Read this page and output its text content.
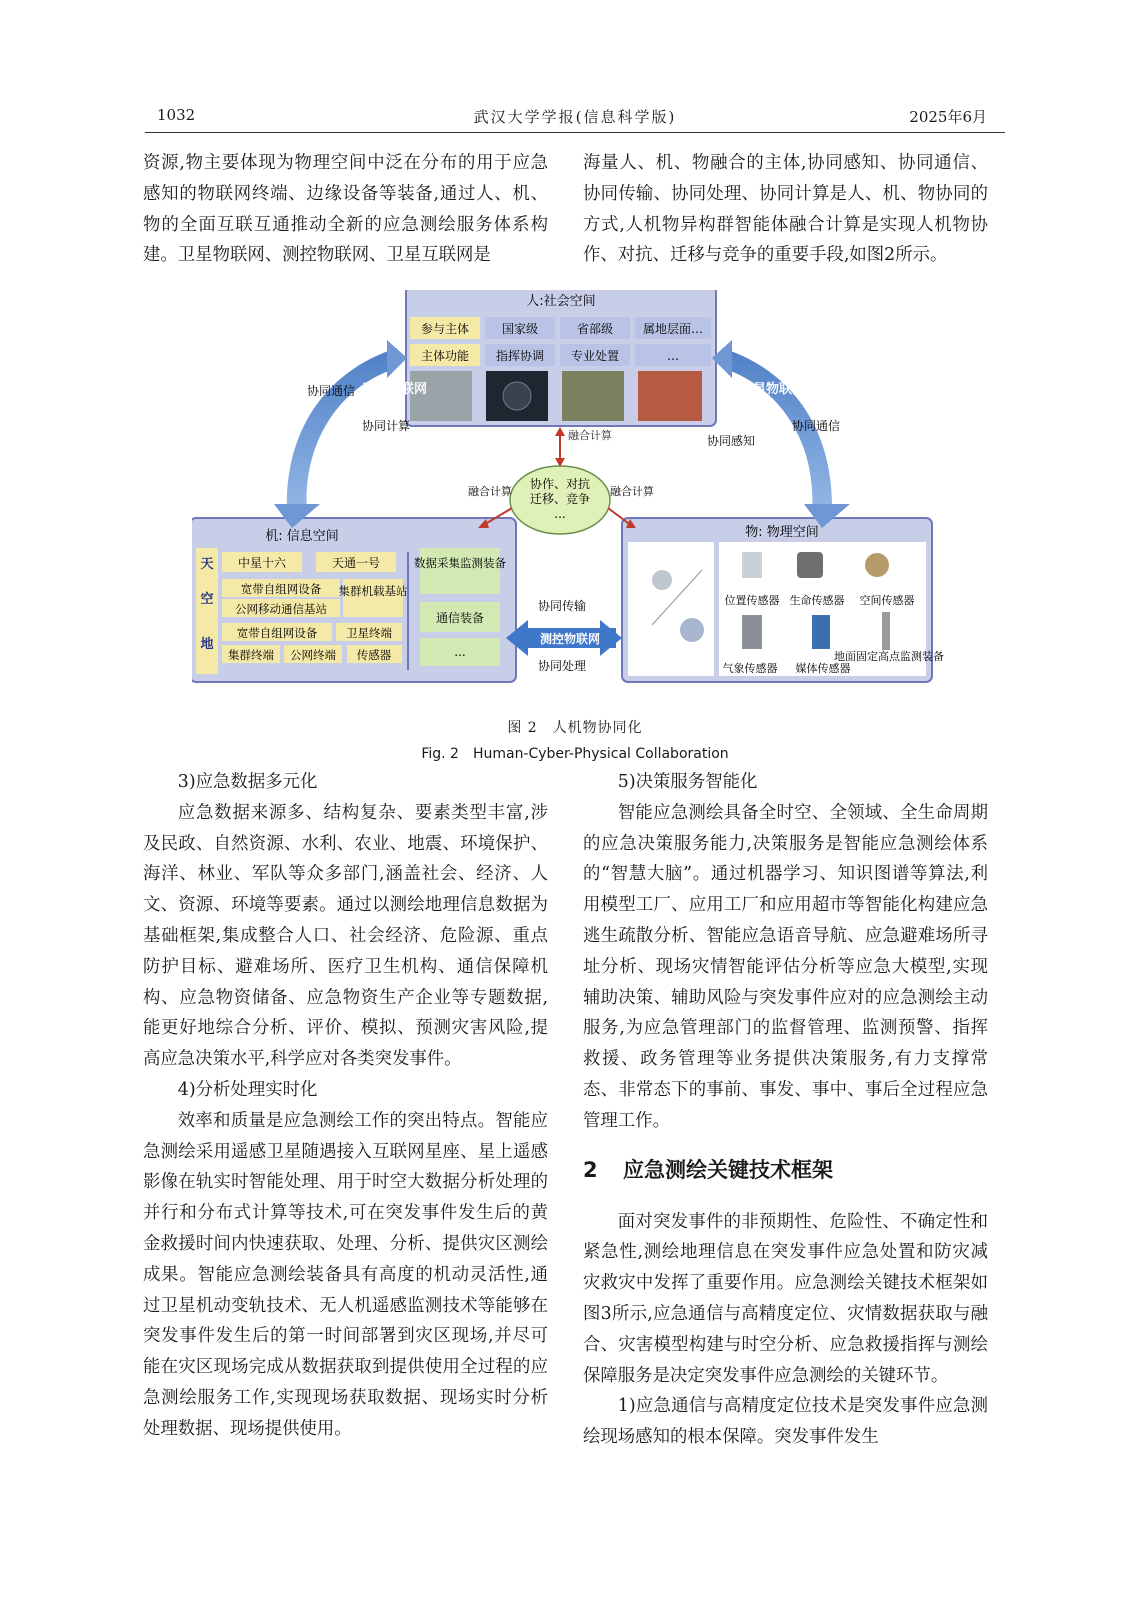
1032	武汉大学学报(信息科学版)	2025年6月

资源,物主要体现为物理空间中泛在分布的用于应急感知的物联网终端、边缘设备等装备,通过人、机、物的全面互联互通推动全新的应急测绘服务体系构建。卫星物联网、测控物联网、卫星互联网是

海量人、机、物融合的主体,协同感知、协同通信、协同传输、协同处理、协同计算是人、机、物协同的方式,人机物异构群智能体融合计算是实现人机物协作、对抗、迁移与竞争的重要手段,如图2所示。

人:社会空间
参与主体	国家级	省部级 属地层面…
主体功能 指挥协调 专业处置	…
机: 信息空间
天
空
地
中星十六	天通一号
宽带自组网设备
公网移动通信基站
集群机载基站
宽带自组网设备	卫星终端
集群终端 公网终端 传感器
数据采集监测装备
通信装备
...
物: 物理空间
位置传感器 生命传感器 空间传感器
气象传感器 媒体传感器
地面固定高点监测装备
协作、对抗
迁移、竞争
...
融合计算
融合计算	融合计算
卫星互联网
协同通信
协同计算
卫星物联网
协同通信
协同感知
测控物联网
协同传输
协同处理
图 2　人机物协同化
Fig. 2　Human-Cyber-Physical Collaboration

3)应急数据多元化

应急数据来源多、结构复杂、要素类型丰富,涉及民政、自然资源、水利、农业、地震、环境保护、海洋、林业、军队等众多部门,涵盖社会、经济、人文、资源、环境等要素。通过以测绘地理信息数据为基础框架,集成整合人口、社会经济、危险源、重点防护目标、避难场所、医疗卫生机构、通信保障机构、应急物资储备、应急物资生产企业等专题数据,能更好地综合分析、评价、模拟、预测灾害风险,提高应急决策水平,科学应对各类突发事件。

4)分析处理实时化

效率和质量是应急测绘工作的突出特点。智能应急测绘采用遥感卫星随遇接入互联网星座、星上遥感影像在轨实时智能处理、用于时空大数据分析处理的并行和分布式计算等技术,可在突发事件发生后的黄金救援时间内快速获取、处理、分析、提供灾区测绘成果。智能应急测绘装备具有高度的机动灵活性,通过卫星机动变轨技术、无人机遥感监测技术等能够在突发事件发生后的第一时间部署到灾区现场,并尽可能在灾区现场完成从数据获取到提供使用全过程的应急测绘服务工作,实现现场获取数据、现场实时分析处理数据、现场提供使用。

5)决策服务智能化

智能应急测绘具备全时空、全领域、全生命周期的应急决策服务能力,决策服务是智能应急测绘体系的“智慧大脑”。通过机器学习、知识图谱等算法,利用模型工厂、应用工厂和应用超市等智能化构建应急逃生疏散分析、智能应急语音导航、应急避难场所寻址分析、现场灾情智能评估分析等应急大模型,实现辅助决策、辅助风险与突发事件应对的应急测绘主动服务,为应急管理部门的监督管理、监测预警、指挥救援、政务管理等业务提供决策服务,有力支撑常态、非常态下的事前、事发、事中、事后全过程应急管理工作。

2 应急测绘关键技术框架

面对突发事件的非预期性、危险性、不确定性和紧急性,测绘地理信息在突发事件应急处置和防灾减灾救灾中发挥了重要作用。应急测绘关键技术框架如图3所示,应急通信与高精度定位、灾情数据获取与融合、灾害模型构建与时空分析、应急救援指挥与测绘保障服务是决定突发事件应急测绘的关键环节。

1)应急通信与高精度定位技术是突发事件应急测绘现场感知的根本保障。突发事件发生
